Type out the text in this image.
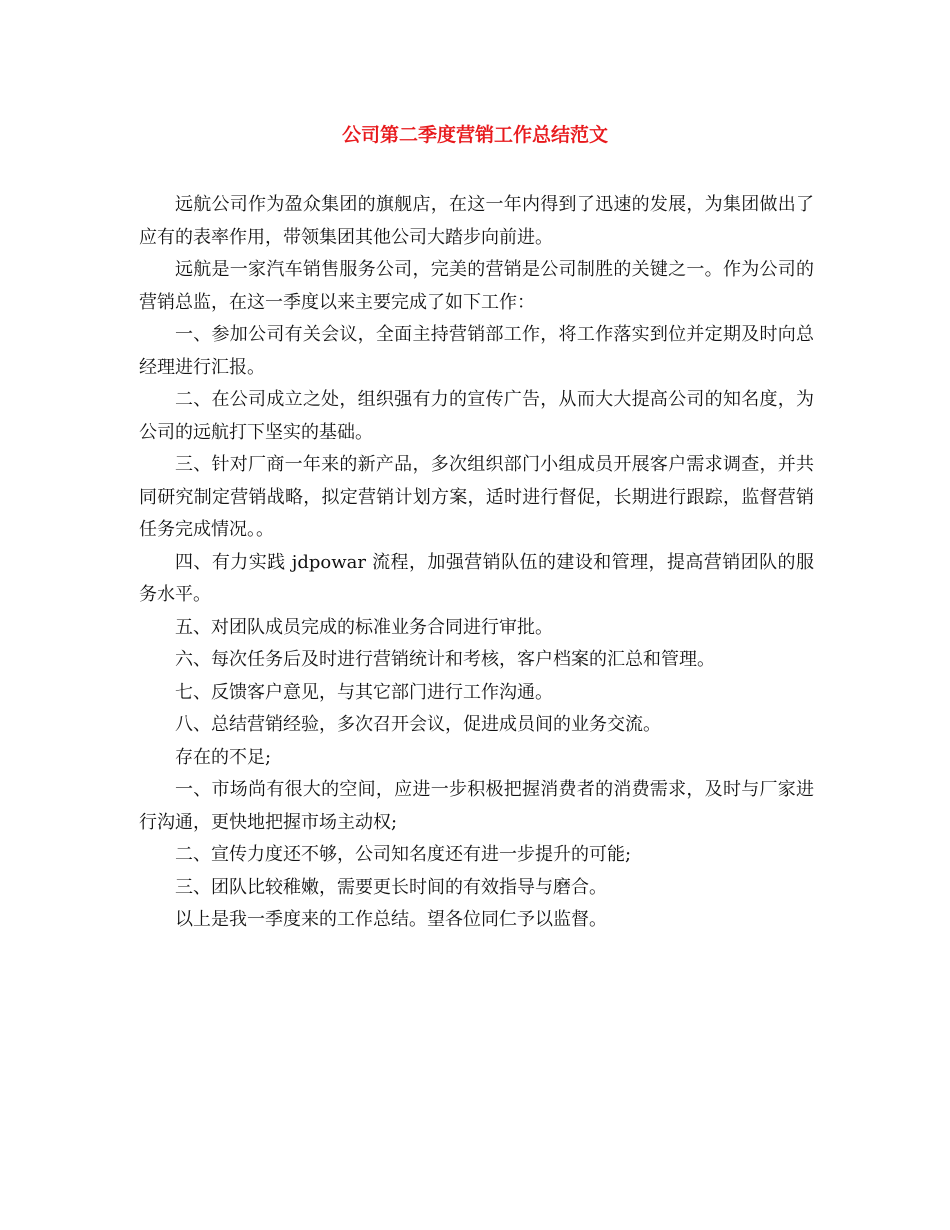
公司第二季度营销工作总结范文

远航公司作为盈众集团的旗舰店，在这一年内得到了迅速的发展，为集团做出了应有的表率作用，带领集团其他公司大踏步向前进。

远航是一家汽车销售服务公司，完美的营销是公司制胜的关键之一。作为公司的营销总监，在这一季度以来主要完成了如下工作：

一、参加公司有关会议，全面主持营销部工作，将工作落实到位并定期及时向总经理进行汇报。

二、在公司成立之处，组织强有力的宣传广告，从而大大提高公司的知名度，为公司的远航打下坚实的基础。

三、针对厂商一年来的新产品，多次组织部门小组成员开展客户需求调查，并共同研究制定营销战略，拟定营销计划方案，适时进行督促，长期进行跟踪，监督营销任务完成情况。。

四、有力实践 jdpowar 流程，加强营销队伍的建设和管理，提高营销团队的服务水平。

五、对团队成员完成的标准业务合同进行审批。

六、每次任务后及时进行营销统计和考核，客户档案的汇总和管理。

七、反馈客户意见，与其它部门进行工作沟通。

八、总结营销经验，多次召开会议，促进成员间的业务交流。

存在的不足;

一、市场尚有很大的空间，应进一步积极把握消费者的消费需求，及时与厂家进行沟通，更快地把握市场主动权;

二、宣传力度还不够，公司知名度还有进一步提升的可能;

三、团队比较稚嫩，需要更长时间的有效指导与磨合。

以上是我一季度来的工作总结。望各位同仁予以监督。
